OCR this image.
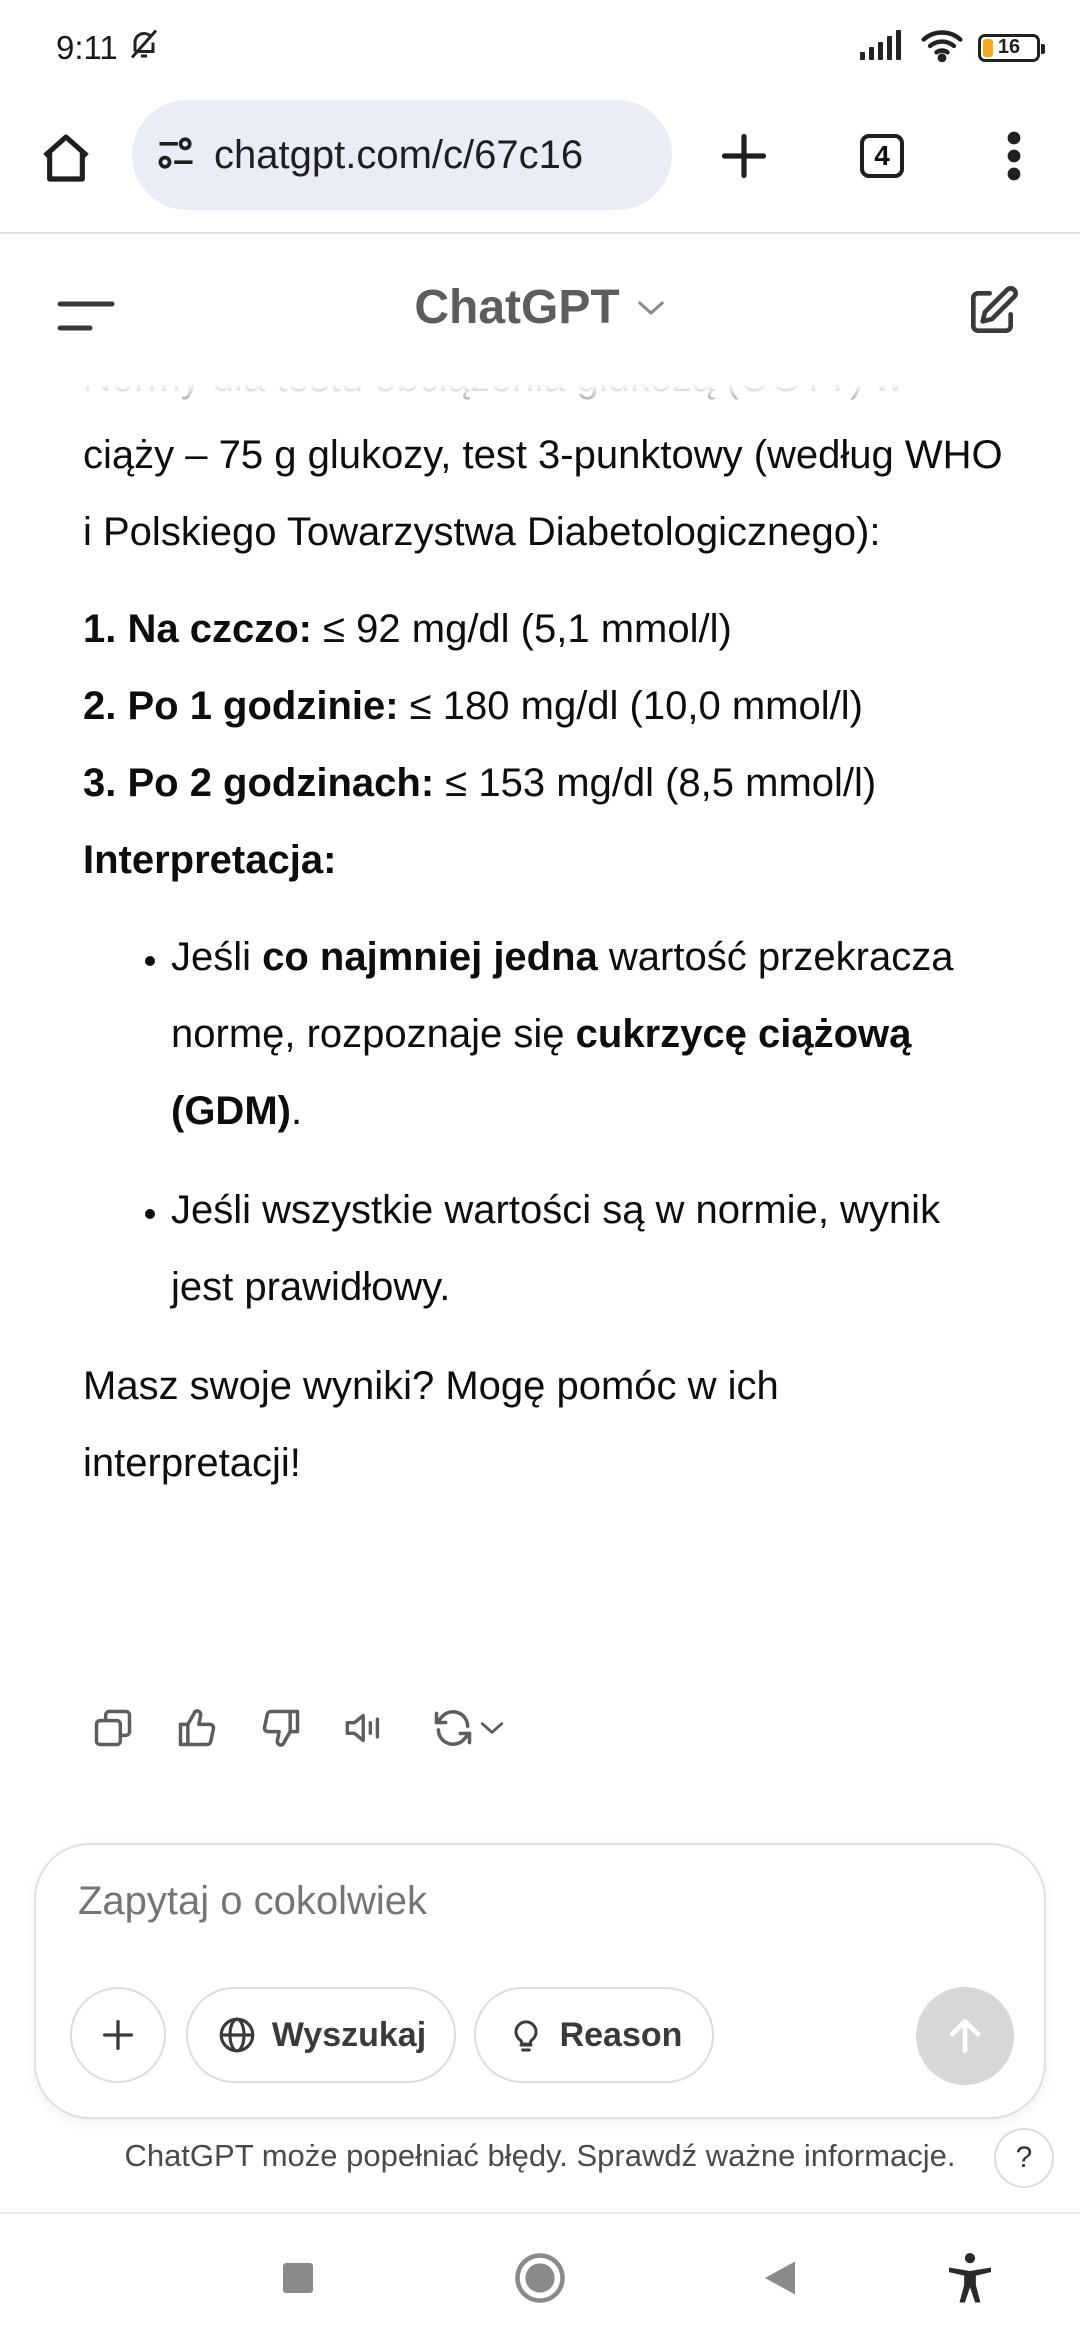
9:11	16
chatgpt.com/c/67c16	4

ciąży – 75 g glukozy, test 3-punktowy (według WHO i Polskiego Towarzystwa Diabetologicznego):

1. Na czczo: ≤ 92 mg/dl (5,1 mmol/l)
2. Po 1 godzinie: ≤ 180 mg/dl (10,0 mmol/l)
3. Po 2 godzinach: ≤ 153 mg/dl (8,5 mmol/l)

Interpretacja:

• Jeśli co najmniej jedna wartość przekracza normę, rozpoznaje się cukrzycę ciążową (GDM).
• Jeśli wszystkie wartości są w normie, wynik jest prawidłowy.

Masz swoje wyniki? Mogę pomóc w ich interpretacji!

ChatGPT
Zapytaj o cokolwiek
Wyszukaj	Reason
ChatGPT może popełniać błędy. Sprawdź ważne informacje.	?
